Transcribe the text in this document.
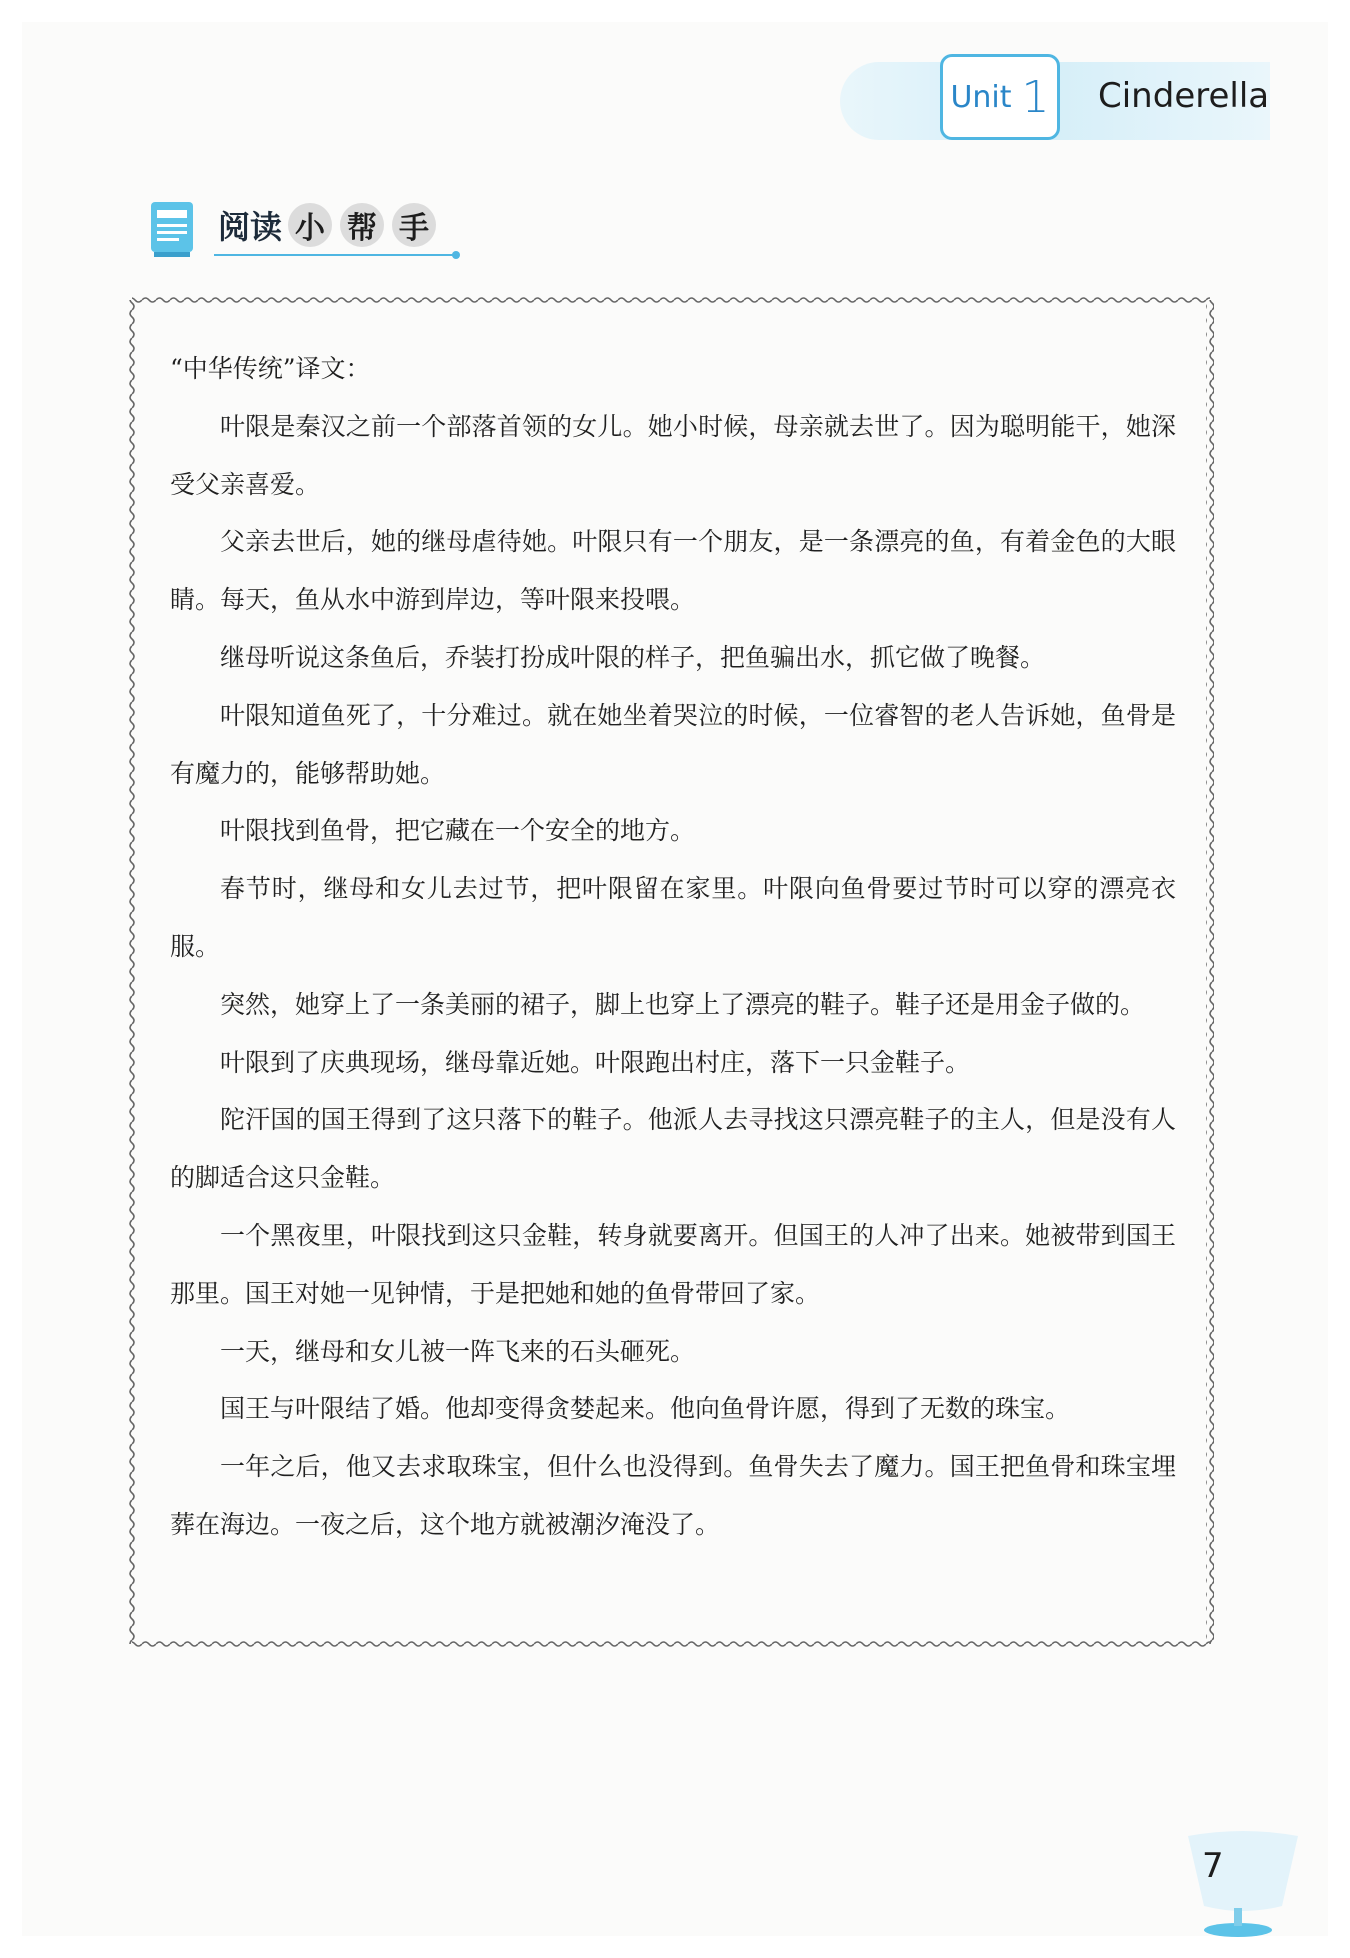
Unit 1 Cinderella
阅读 小 帮 手

“中华传统”译文：

叶限是秦汉之前一个部落首领的女儿。她小时候，母亲就去世了。因为聪明能干，她深受父亲喜爱。

父亲去世后，她的继母虐待她。叶限只有一个朋友，是一条漂亮的鱼，有着金色的大眼睛。每天，鱼从水中游到岸边，等叶限来投喂。

继母听说这条鱼后，乔装打扮成叶限的样子，把鱼骗出水，抓它做了晚餐。

叶限知道鱼死了，十分难过。就在她坐着哭泣的时候，一位睿智的老人告诉她，鱼骨是有魔力的，能够帮助她。

叶限找到鱼骨，把它藏在一个安全的地方。

春节时，继母和女儿去过节，把叶限留在家里。叶限向鱼骨要过节时可以穿的漂亮衣服。

突然，她穿上了一条美丽的裙子，脚上也穿上了漂亮的鞋子。鞋子还是用金子做的。

叶限到了庆典现场，继母靠近她。叶限跑出村庄，落下一只金鞋子。

陀汗国的国王得到了这只落下的鞋子。他派人去寻找这只漂亮鞋子的主人，但是没有人的脚适合这只金鞋。

一个黑夜里，叶限找到这只金鞋，转身就要离开。但国王的人冲了出来。她被带到国王那里。国王对她一见钟情，于是把她和她的鱼骨带回了家。

一天，继母和女儿被一阵飞来的石头砸死。

国王与叶限结了婚。他却变得贪婪起来。他向鱼骨许愿，得到了无数的珠宝。

一年之后，他又去求取珠宝，但什么也没得到。鱼骨失去了魔力。国王把鱼骨和珠宝埋葬在海边。一夜之后，这个地方就被潮汐淹没了。

7
